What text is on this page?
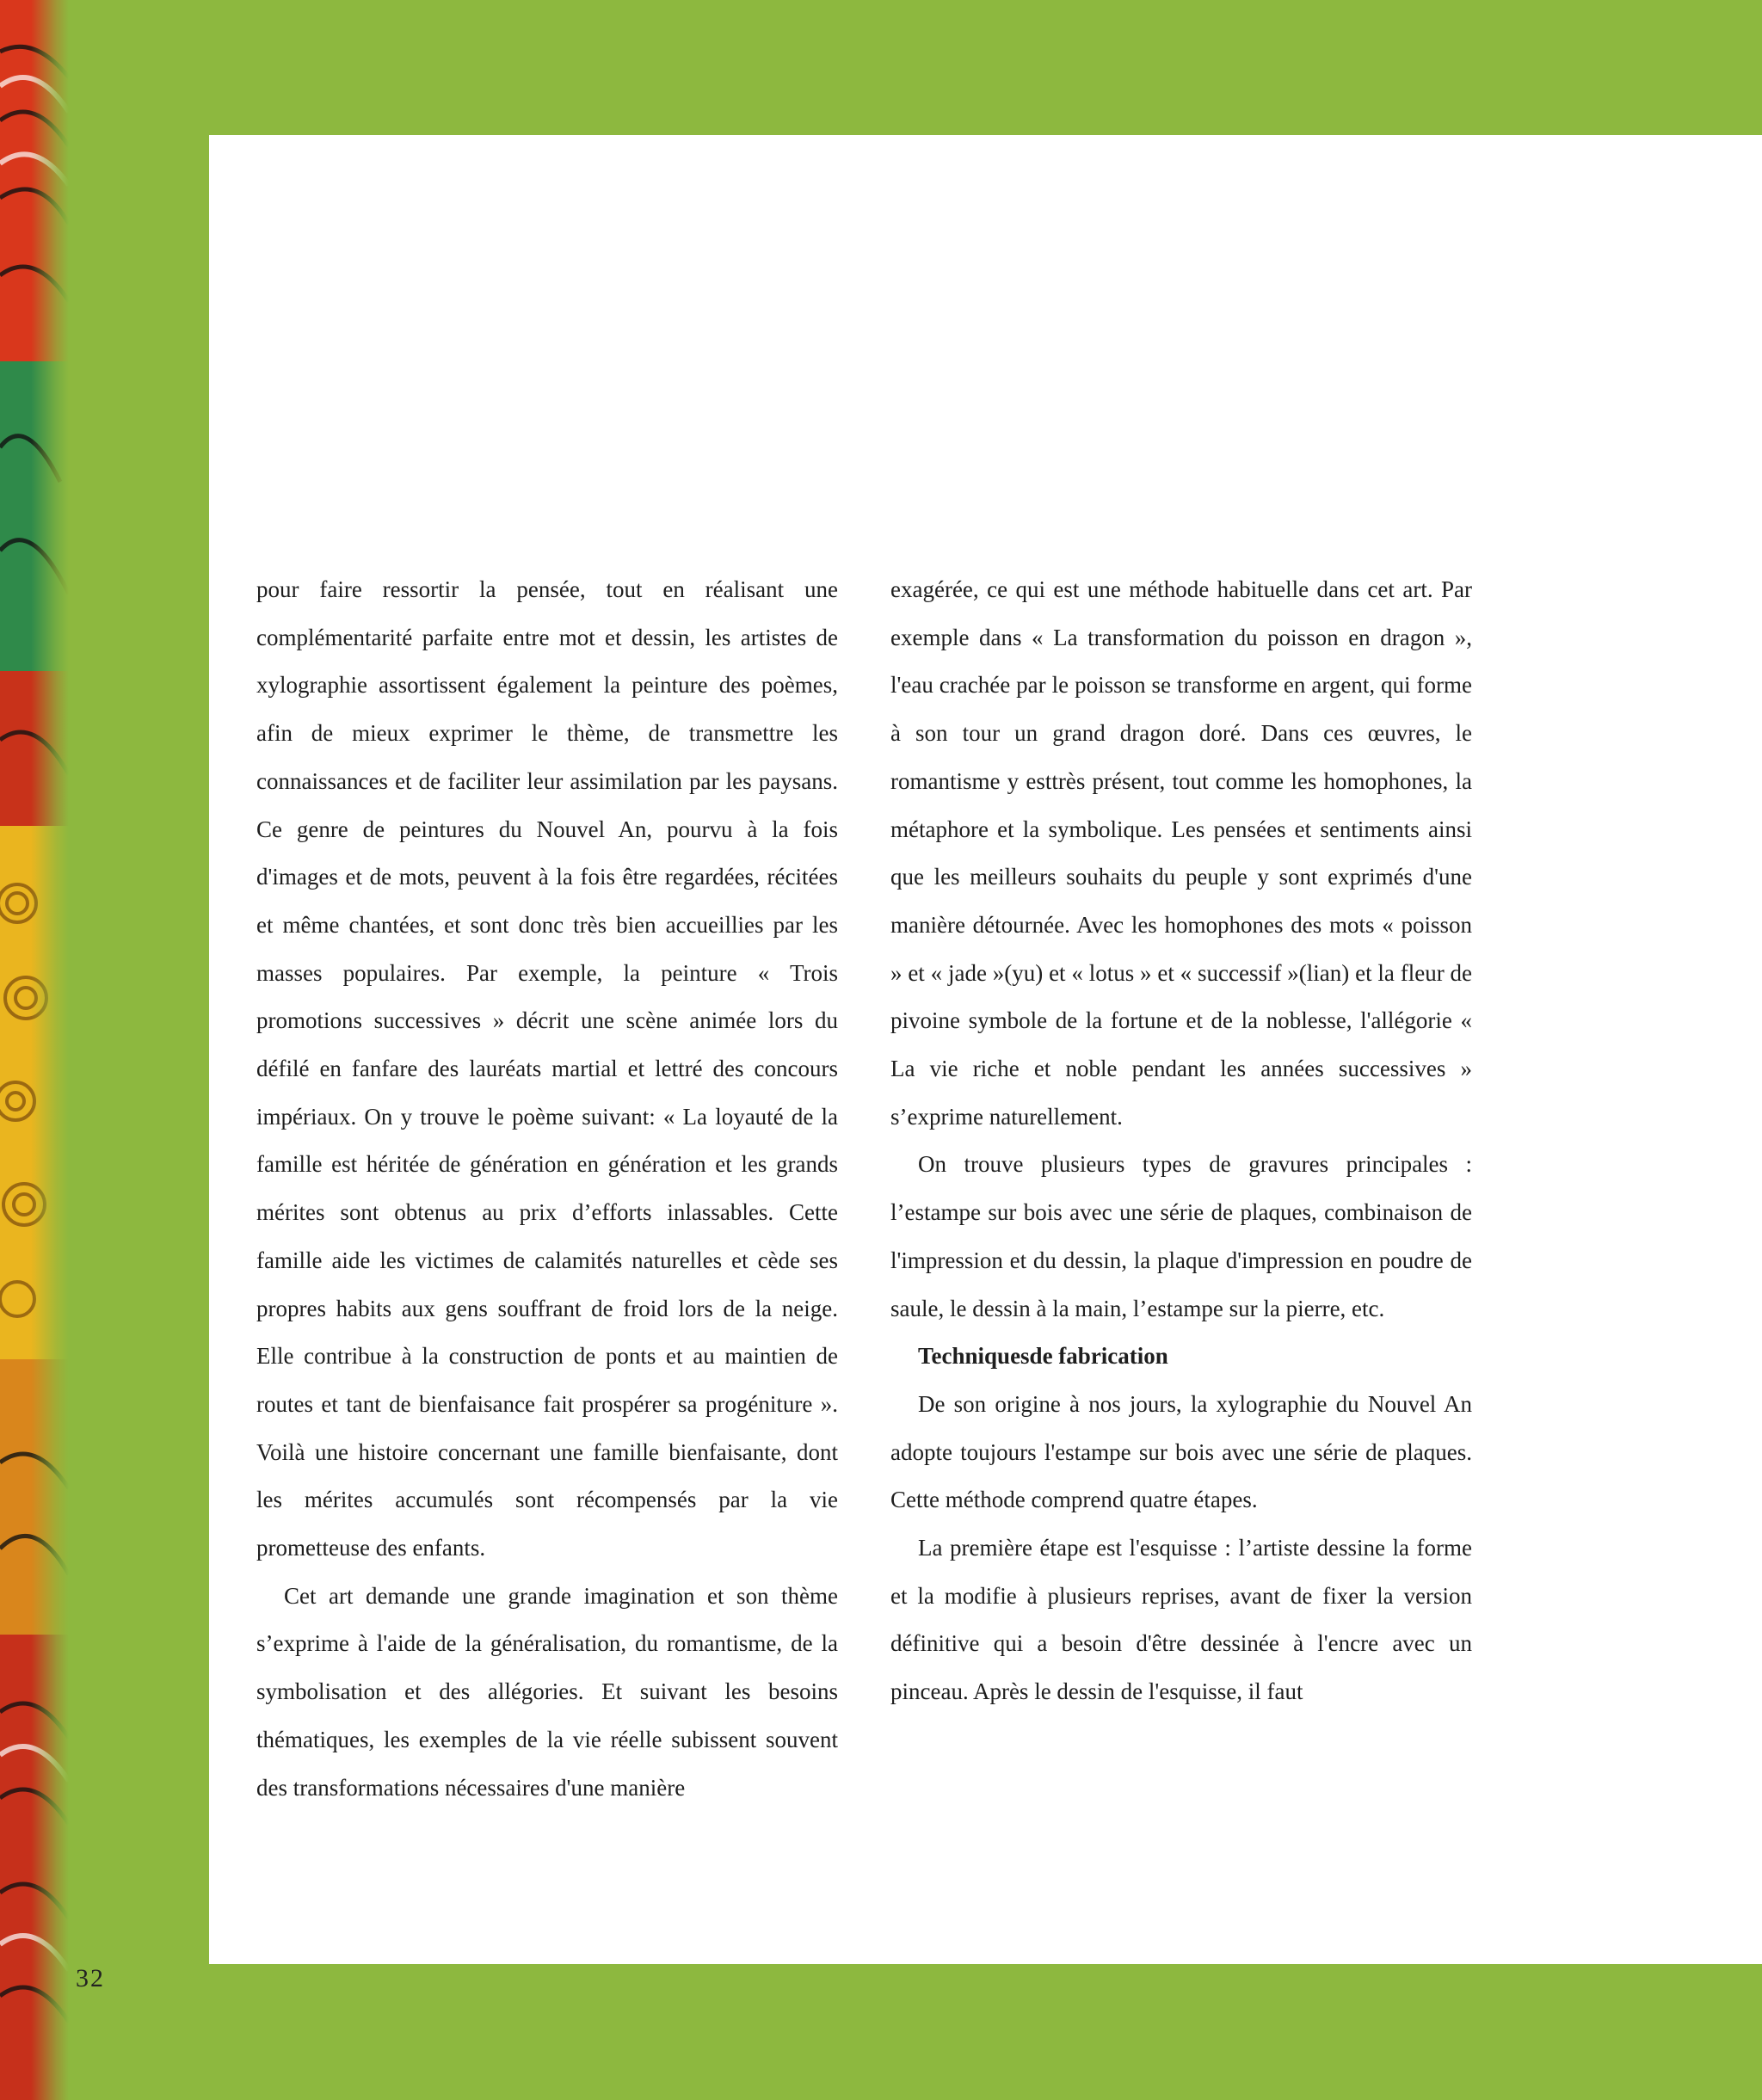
pour faire ressortir la pensée, tout en réalisant une complémentarité parfaite entre mot et dessin, les artistes de xylographie assortissent également la peinture des poèmes, afin de mieux exprimer le thème, de transmettre les connaissances et de faciliter leur assimilation par les paysans. Ce genre de peintures du Nouvel An, pourvu à la fois d'images et de mots, peuvent à la fois être regardées, récitées et même chantées, et sont donc très bien accueillies par les masses populaires. Par exemple, la peinture « Trois promotions successives » décrit une scène animée lors du défilé en fanfare des lauréats martial et lettré des concours impériaux. On y trouve le poème suivant: « La loyauté de la famille est héritée de génération en génération et les grands mérites sont obtenus au prix d’efforts inlassables. Cette famille aide les victimes de calamités naturelles et cède ses propres habits aux gens souffrant de froid lors de la neige. Elle contribue à la construction de ponts et au maintien de routes et tant de bienfaisance fait prospérer sa progéniture ». Voilà une histoire concernant une famille bienfaisante, dont les mérites accumulés sont récompensés par la vie prometteuse des enfants.

Cet art demande une grande imagination et son thème s’exprime à l'aide de la généralisation, du romantisme, de la symbolisation et des allégories. Et suivant les besoins thématiques, les exemples de la vie réelle subissent souvent des transformations nécessaires d'une manière

exagérée, ce qui est une méthode habituelle dans cet art. Par exemple dans « La transformation du poisson en dragon », l'eau crachée par le poisson se transforme en argent, qui forme à son tour un grand dragon doré. Dans ces œuvres, le romantisme y esttrès présent, tout comme les homophones, la métaphore et la symbolique. Les pensées et sentiments ainsi que les meilleurs souhaits du peuple y sont exprimés d'une manière détournée. Avec les homophones des mots « poisson » et « jade »(yu) et « lotus » et « successif »(lian) et la fleur de pivoine symbole de la fortune et de la noblesse, l'allégorie « La vie riche et noble pendant les années successives » s’exprime naturellement.

On trouve plusieurs types de gravures principales : l’estampe sur bois avec une série de plaques, combinaison de l'impression et du dessin, la plaque d'impression en poudre de saule, le dessin à la main, l’estampe sur la pierre, etc.

Techniquesde fabrication

De son origine à nos jours, la xylographie du Nouvel An adopte toujours l'estampe sur bois avec une série de plaques. Cette méthode comprend quatre étapes.

La première étape est l'esquisse : l’artiste dessine la forme et la modifie à plusieurs reprises, avant de fixer la version définitive qui a besoin d'être dessinée à l'encre avec un pinceau. Après le dessin de l'esquisse, il faut

32
